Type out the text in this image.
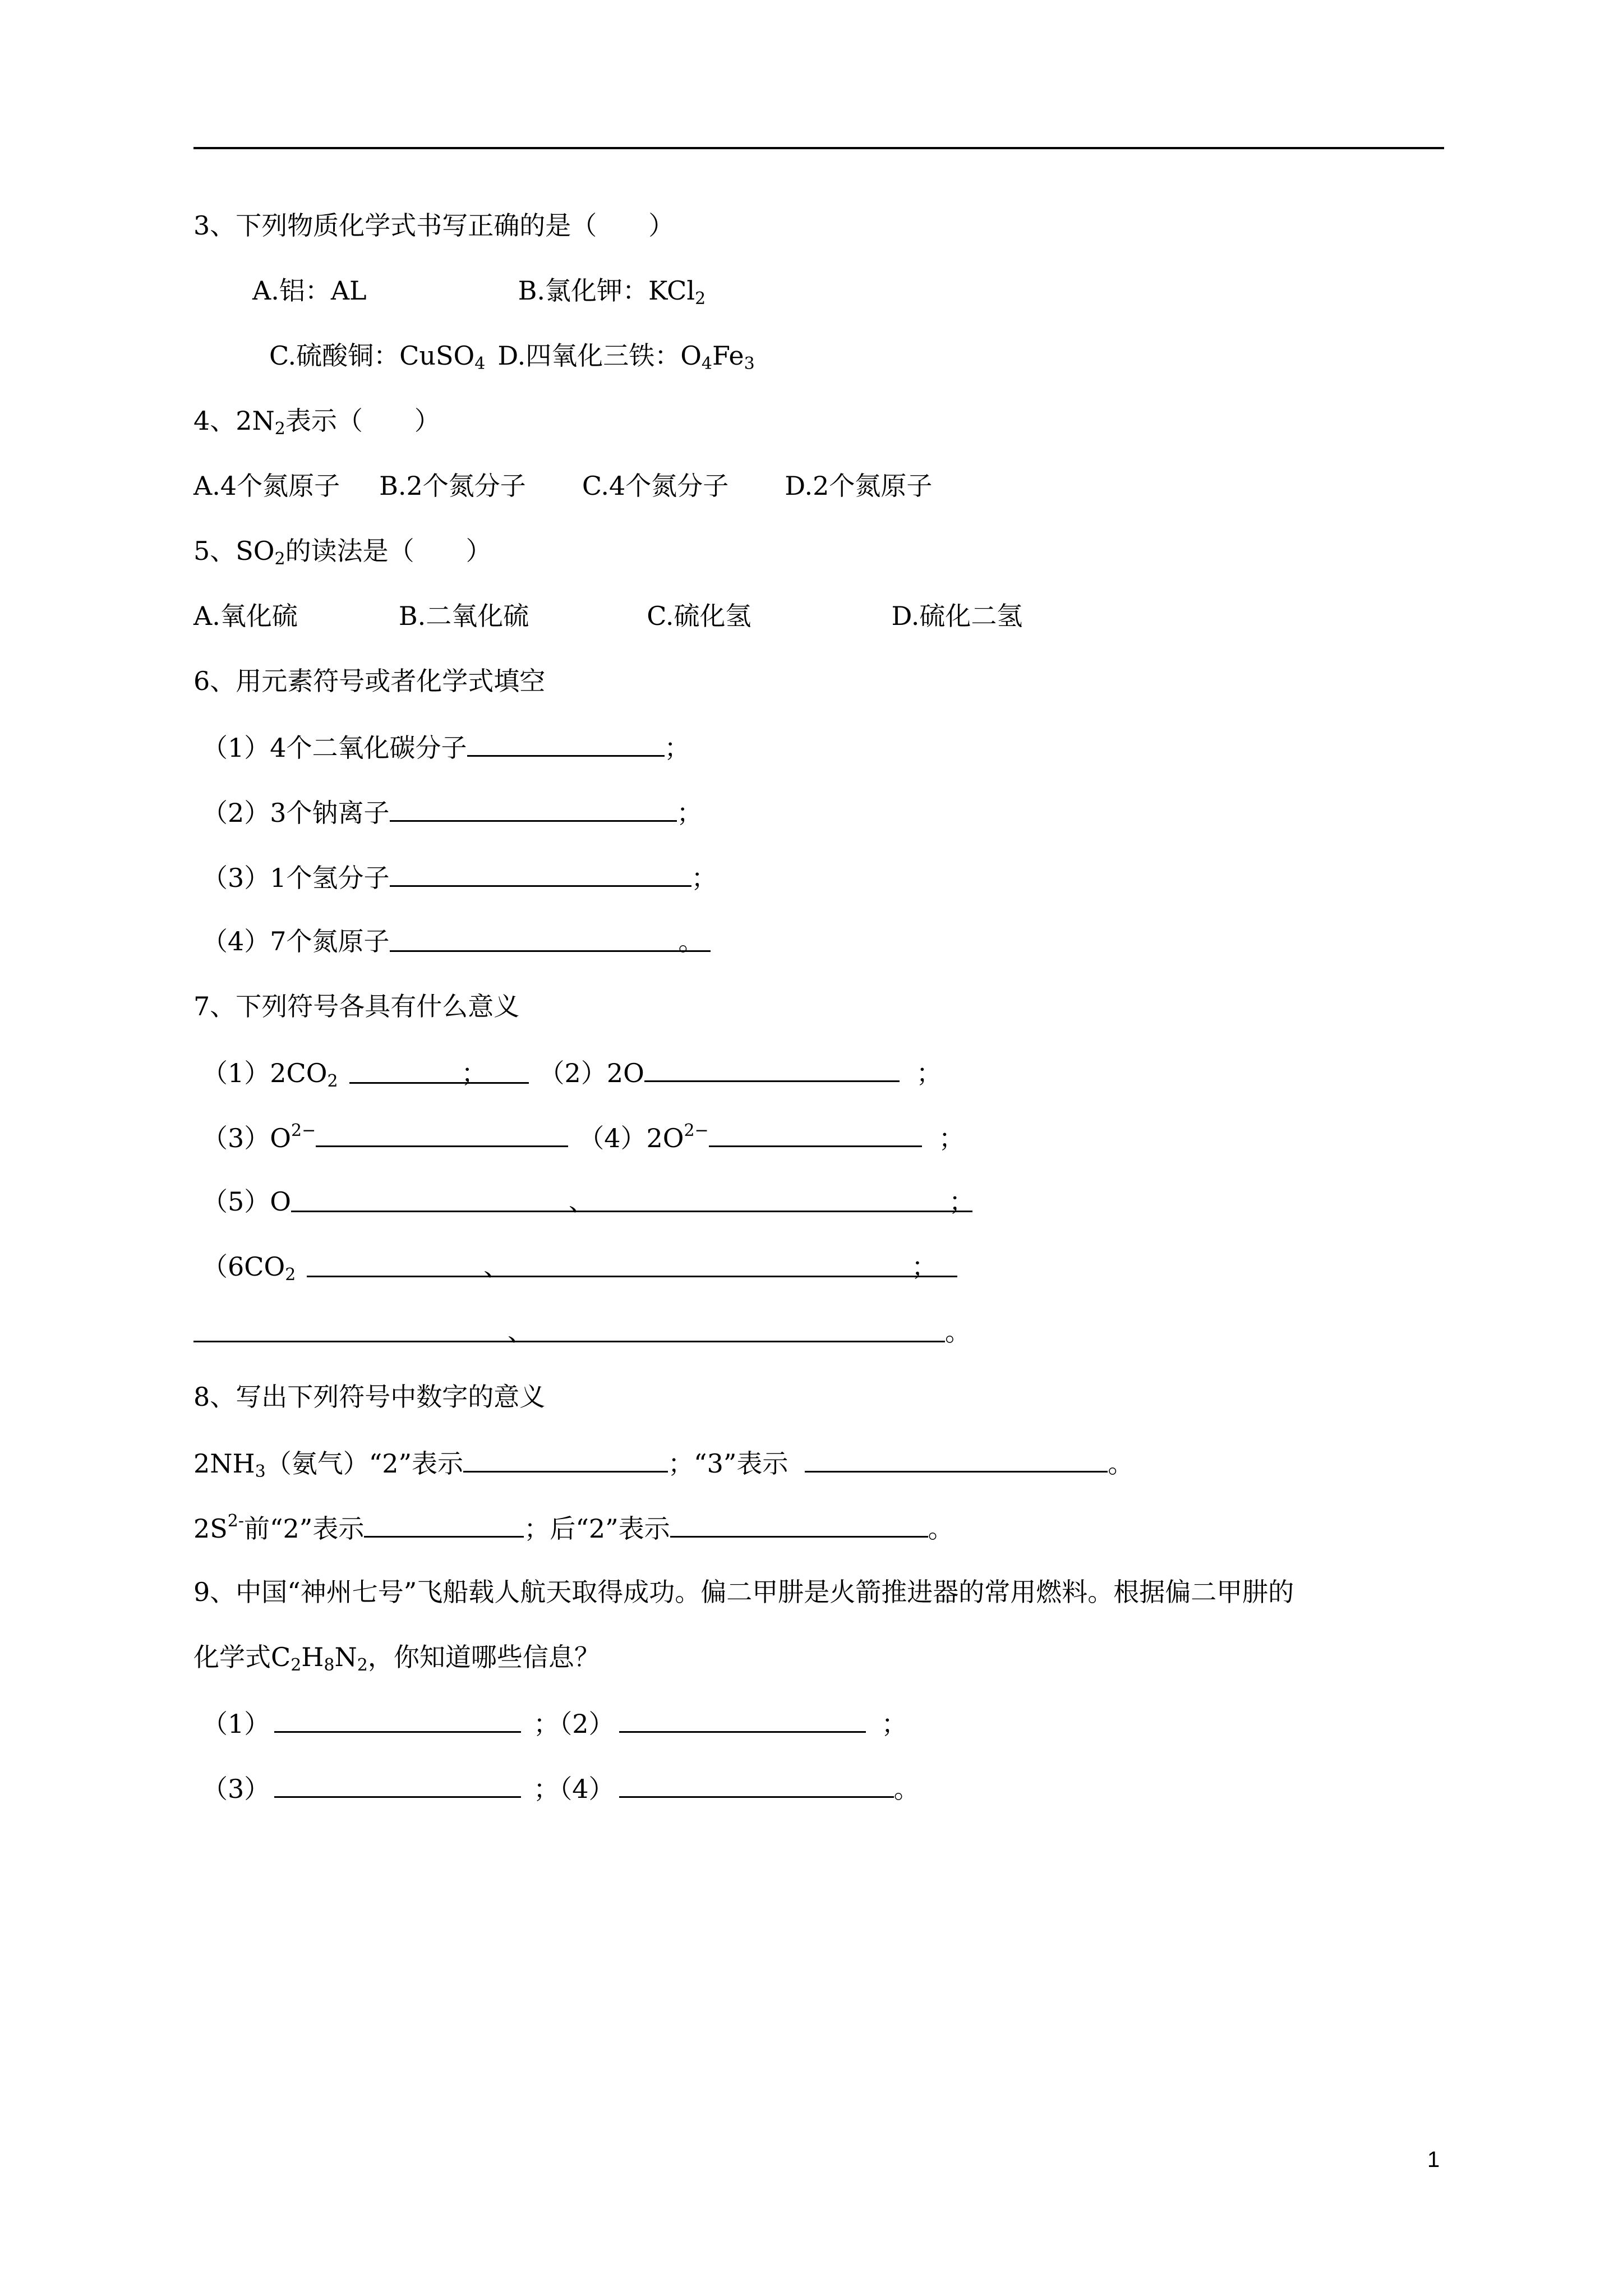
3、下列物质化学式书写正确的是（　　）
A.铝：AL	B.氯化钾：KCl$_2$
C.硫酸铜：CuSO$_4$ D.四氧化三铁：$O_4Fe_3$
4、$2N_2$表示（　　）
A.4个氮原子 B.2个氮分子 C.4个氮分子 D.2个氮原子
5、$SO_2$的读法是（　　）
A.氧化硫	B.二氧化硫	C.硫化氢	D.硫化二氢
6、用元素符号或者化学式填空
（1）4个二氧化碳分子	；
（2）3个钠离子	；
（3）1个氢分子	；
（4）7个氮原子	。
7、下列符号各具有什么意义
$(1)2CO_2$	； （2）2O	；
$(3)O^{2-}$	$(4)2O^{2-}$	；
（5）O	、	；
（$6CO_2$	、	；
、	。
8、写出下列符号中数字的意义
$2NH_3$（氨气）“2”表示	；“3”表示	。
$2S^{2-}$前“2”表示	；后“2”表示	。
9、中国“神州七号”飞船载人航天取得成功。偏二甲肼是火箭推进器的常用燃料。根据偏二甲肼的
化学式$C_2H_8N_2$，你知道哪些信息？
（1）	；（2）	；
（3）	；（4）	。
1
